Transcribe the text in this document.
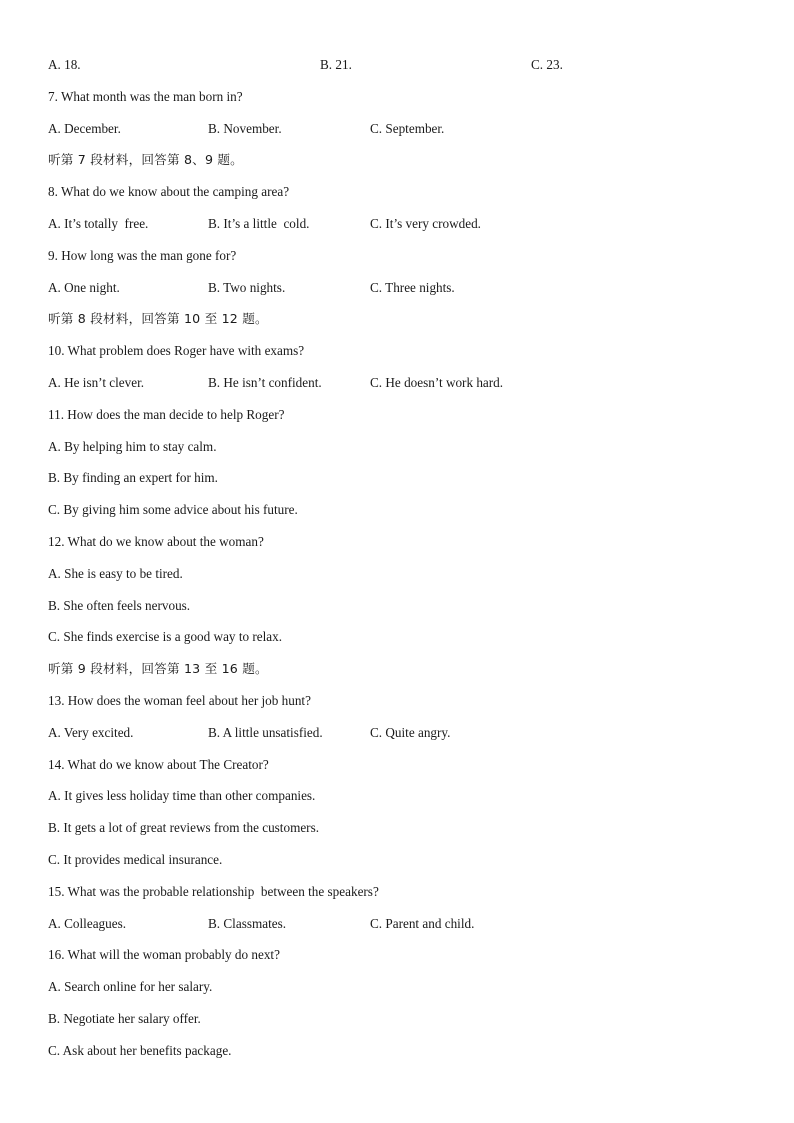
A. 18.	B. 21.	C. 23.
7. What month was the man born in?
A. December.	B. November.	C. September.
听第 7 段材料，回答第 8、9 题。
8. What do we know about the camping area?
A. It’s totally  free.	B. It’s a little  cold.	C. It’s very crowded.
9. How long was the man gone for?
A. One night.	B. Two nights.	C. Three nights.
听第 8 段材料，回答第 10 至 12 题。
10. What problem does Roger have with exams?
A. He isn’t clever.	B. He isn’t confident.	C. He doesn’t work hard.
11. How does the man decide to help Roger?
A. By helping him to stay calm.
B. By finding an expert for him.
C. By giving him some advice about his future.
12. What do we know about the woman?
A. She is easy to be tired.
B. She often feels nervous.
C. She finds exercise is a good way to relax.
听第 9 段材料，回答第 13 至 16 题。
13. How does the woman feel about her job hunt?
A. Very excited.	B. A little unsatisfied.	C. Quite angry.
14. What do we know about The Creator?
A. It gives less holiday time than other companies.
B. It gets a lot of great reviews from the customers.
C. It provides medical insurance.
15. What was the probable relationship  between the speakers?
A. Colleagues.	B. Classmates.	C. Parent and child.
16. What will the woman probably do next?
A. Search online for her salary.
B. Negotiate her salary offer.
C. Ask about her benefits package.
